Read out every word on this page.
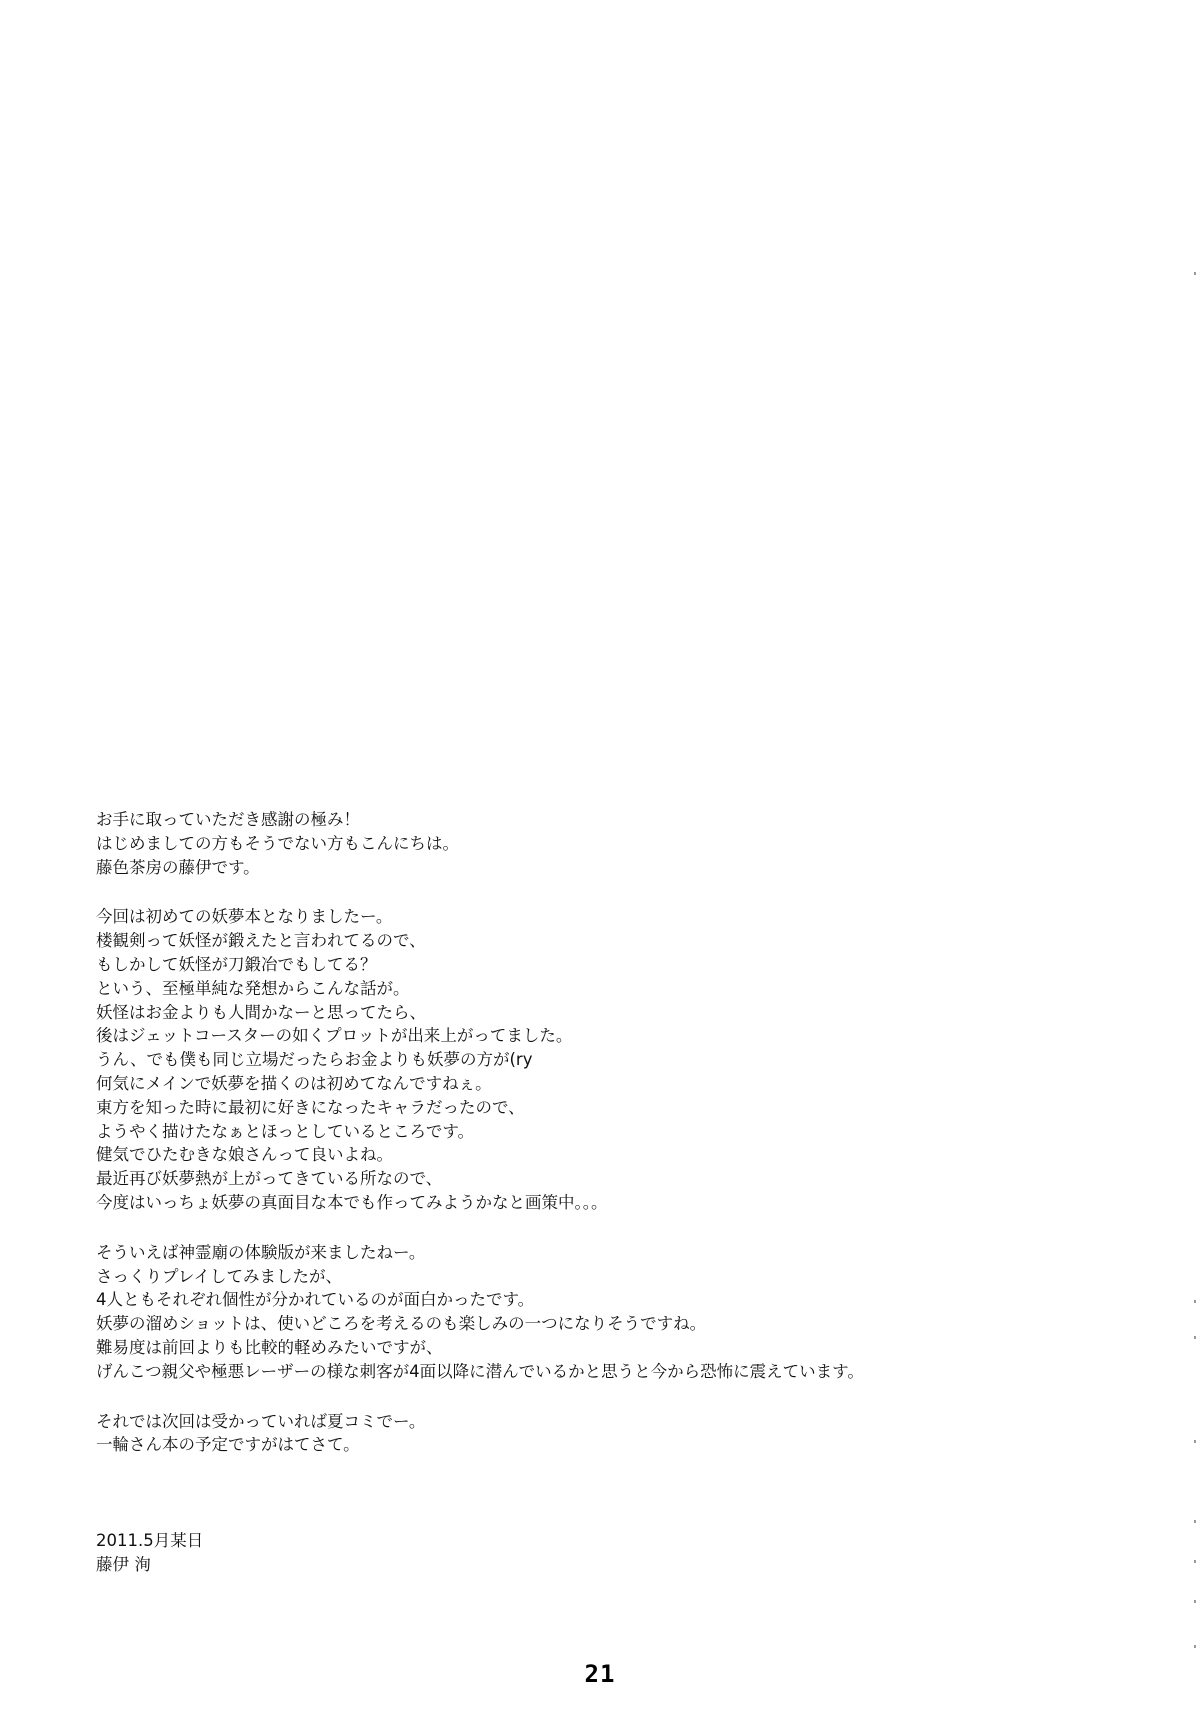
お手に取っていただき感謝の極み！
はじめましての方もそうでない方もこんにちは。
藤色茶房の藤伊です。
今回は初めての妖夢本となりましたー。
楼観剣って妖怪が鍛えたと言われてるので、
もしかして妖怪が刀鍛冶でもしてる？
という、至極単純な発想からこんな話が。
妖怪はお金よりも人間かなーと思ってたら、
後はジェットコースターの如くプロットが出来上がってました。
うん、でも僕も同じ立場だったらお金よりも妖夢の方が(ry
何気にメインで妖夢を描くのは初めてなんですねぇ。
東方を知った時に最初に好きになったキャラだったので、
ようやく描けたなぁとほっとしているところです。
健気でひたむきな娘さんって良いよね。
最近再び妖夢熱が上がってきている所なので、
今度はいっちょ妖夢の真面目な本でも作ってみようかなと画策中。。。
そういえば神霊廟の体験版が来ましたねー。
さっくりプレイしてみましたが、
4人ともそれぞれ個性が分かれているのが面白かったです。
妖夢の溜めショットは、使いどころを考えるのも楽しみの一つになりそうですね。
難易度は前回よりも比較的軽めみたいですが、
げんこつ親父や極悪レーザーの様な刺客が4面以降に潜んでいるかと思うと今から恐怖に震えています。
それでは次回は受かっていれば夏コミでー。
一輪さん本の予定ですがはてさて。
2011.5月某日
藤伊 洵
21
